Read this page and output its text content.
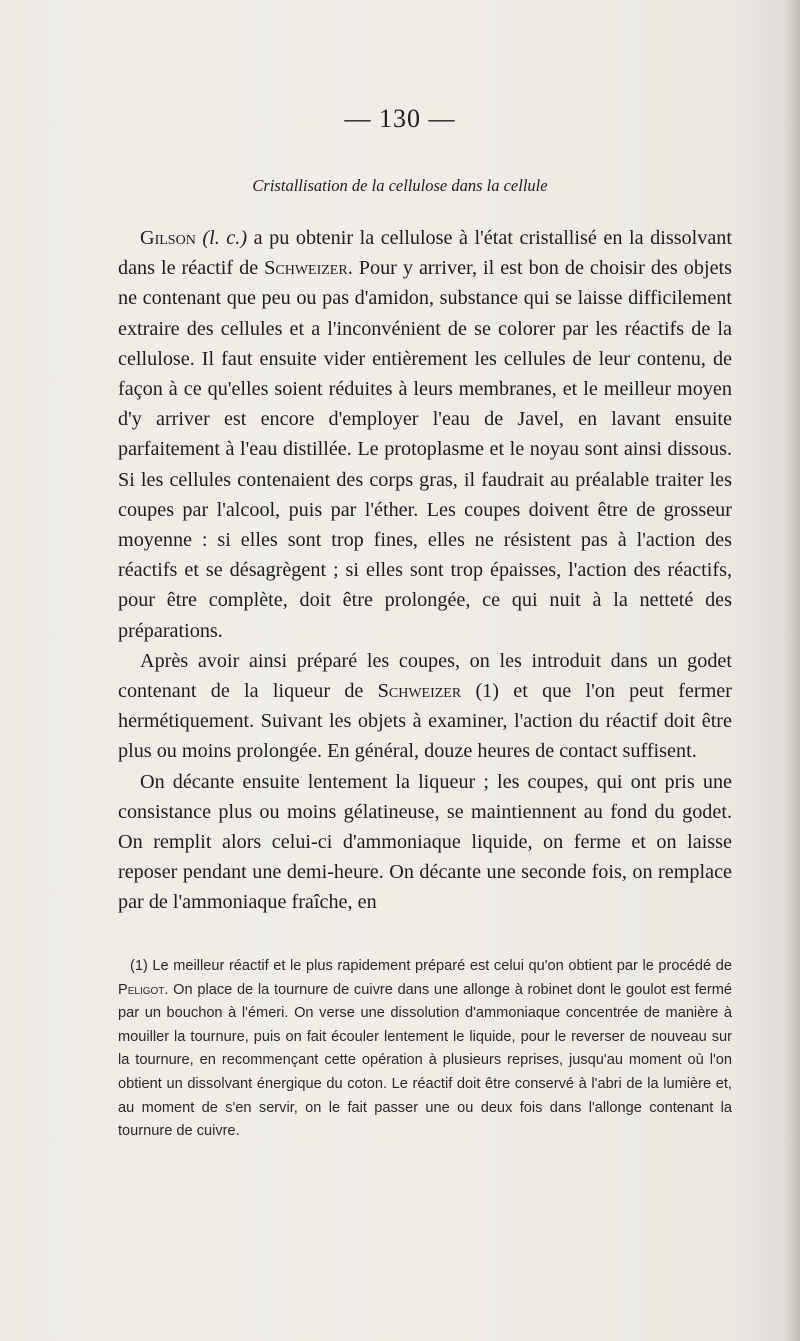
— 130 —
Cristallisation de la cellulose dans la cellule

Gilson (l. c.) a pu obtenir la cellulose à l'état cristallisé en la dissolvant dans le réactif de Schweizer. Pour y arriver, il est bon de choisir des objets ne contenant que peu ou pas d'amidon, substance qui se laisse difficilement extraire des cellules et a l'inconvénient de se colorer par les réactifs de la cellulose. Il faut ensuite vider entièrement les cellules de leur contenu, de façon à ce qu'elles soient réduites à leurs membranes, et le meilleur moyen d'y arriver est encore d'employer l'eau de Javel, en lavant ensuite parfaitement à l'eau distillée. Le protoplasme et le noyau sont ainsi dissous. Si les cellules contenaient des corps gras, il faudrait au préalable traiter les coupes par l'alcool, puis par l'éther. Les coupes doivent être de grosseur moyenne : si elles sont trop fines, elles ne résistent pas à l'action des réactifs et se désagrègent ; si elles sont trop épaisses, l'action des réactifs, pour être complète, doit être prolongée, ce qui nuit à la netteté des préparations.

Après avoir ainsi préparé les coupes, on les introduit dans un godet contenant de la liqueur de Schweizer (1) et que l'on peut fermer hermétiquement. Suivant les objets à examiner, l'action du réactif doit être plus ou moins prolongée. En général, douze heures de contact suffisent.

On décante ensuite lentement la liqueur ; les coupes, qui ont pris une consistance plus ou moins gélatineuse, se maintiennent au fond du godet. On remplit alors celui-ci d'ammoniaque liquide, on ferme et on laisse reposer pendant une demi-heure. On décante une seconde fois, on remplace par de l'ammoniaque fraîche, en

(1) Le meilleur réactif et le plus rapidement préparé est celui qu'on obtient par le procédé de Peligot. On place de la tournure de cuivre dans une allonge à robinet dont le goulot est fermé par un bouchon à l'émeri. On verse une dissolution d'ammoniaque concentrée de manière à mouiller la tournure, puis on fait écouler lentement le liquide, pour le reverser de nouveau sur la tournure, en recommençant cette opération à plusieurs reprises, jusqu'au moment où l'on obtient un dissolvant énergique du coton. Le réactif doit être conservé à l'abri de la lumière et, au moment de s'en servir, on le fait passer une ou deux fois dans l'allonge contenant la tournure de cuivre.
